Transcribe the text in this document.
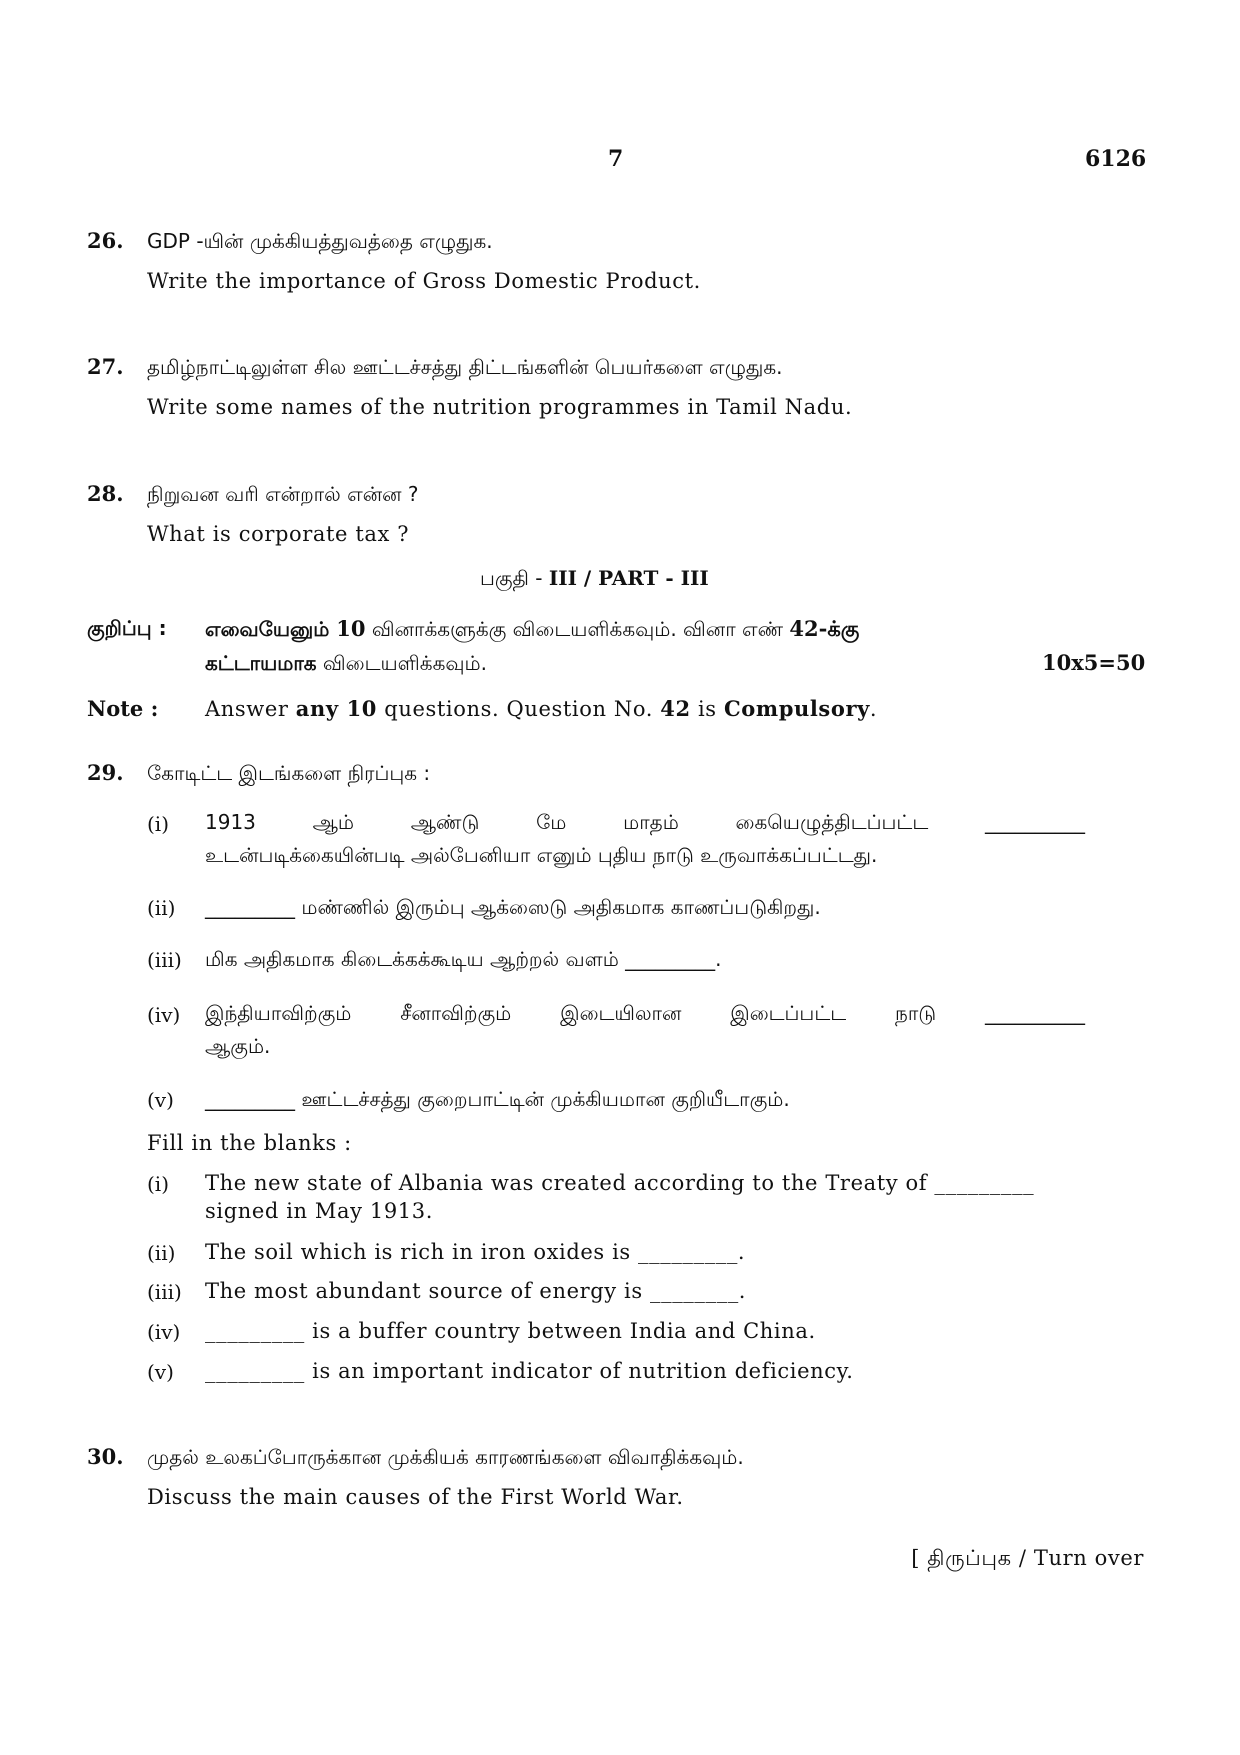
7	6126
26. GDP -யின் முக்கியத்துவத்தை எழுதுக.
Write the importance of Gross Domestic Product.
27. தமிழ்நாட்டிலுள்ள சில ஊட்டச்சத்து திட்டங்களின் பெயர்களை எழுதுக.
Write some names of the nutrition programmes in Tamil Nadu.
28. நிறுவன வரி என்றால் என்ன ?
What is corporate tax ?
பகுதி - III / PART - III
குறிப்பு : எவையேனும் 10 வினாக்களுக்கு விடையளிக்கவும். வினா எண் 42-க்கு
கட்டாயமாக விடையளிக்கவும்.	10x5=50
Note : Answer any 10 questions. Question No. 42 is Compulsory.
29. கோடிட்ட இடங்களை நிரப்புக :
(i) 1913 ஆம் ஆண்டு மே மாதம் கையெழுத்திடப்பட்ட __________
உடன்படிக்கையின்படி அல்பேனியா எனும் புதிய நாடு உருவாக்கப்பட்டது.
(ii) _________ மண்ணில் இரும்பு ஆக்ஸைடு அதிகமாக காணப்படுகிறது.
(iii) மிக அதிகமாக கிடைக்கக்கூடிய ஆற்றல் வளம் _________.
(iv) இந்தியாவிற்கும் சீனாவிற்கும் இடையிலான இடைப்பட்ட நாடு __________
ஆகும்.
(v) _________ ஊட்டச்சத்து குறைபாட்டின் முக்கியமான குறியீடாகும்.
Fill in the blanks :
(i) The new state of Albania was created according to the Treaty of _________
signed in May 1913.
(ii) The soil which is rich in iron oxides is _________.
(iii) The most abundant source of energy is ________.
(iv) _________ is a buffer country between India and China.
(v) _________ is an important indicator of nutrition deficiency.
30. முதல் உலகப்போருக்கான முக்கியக் காரணங்களை விவாதிக்கவும்.
Discuss the main causes of the First World War.
[ திருப்புக / Turn over
